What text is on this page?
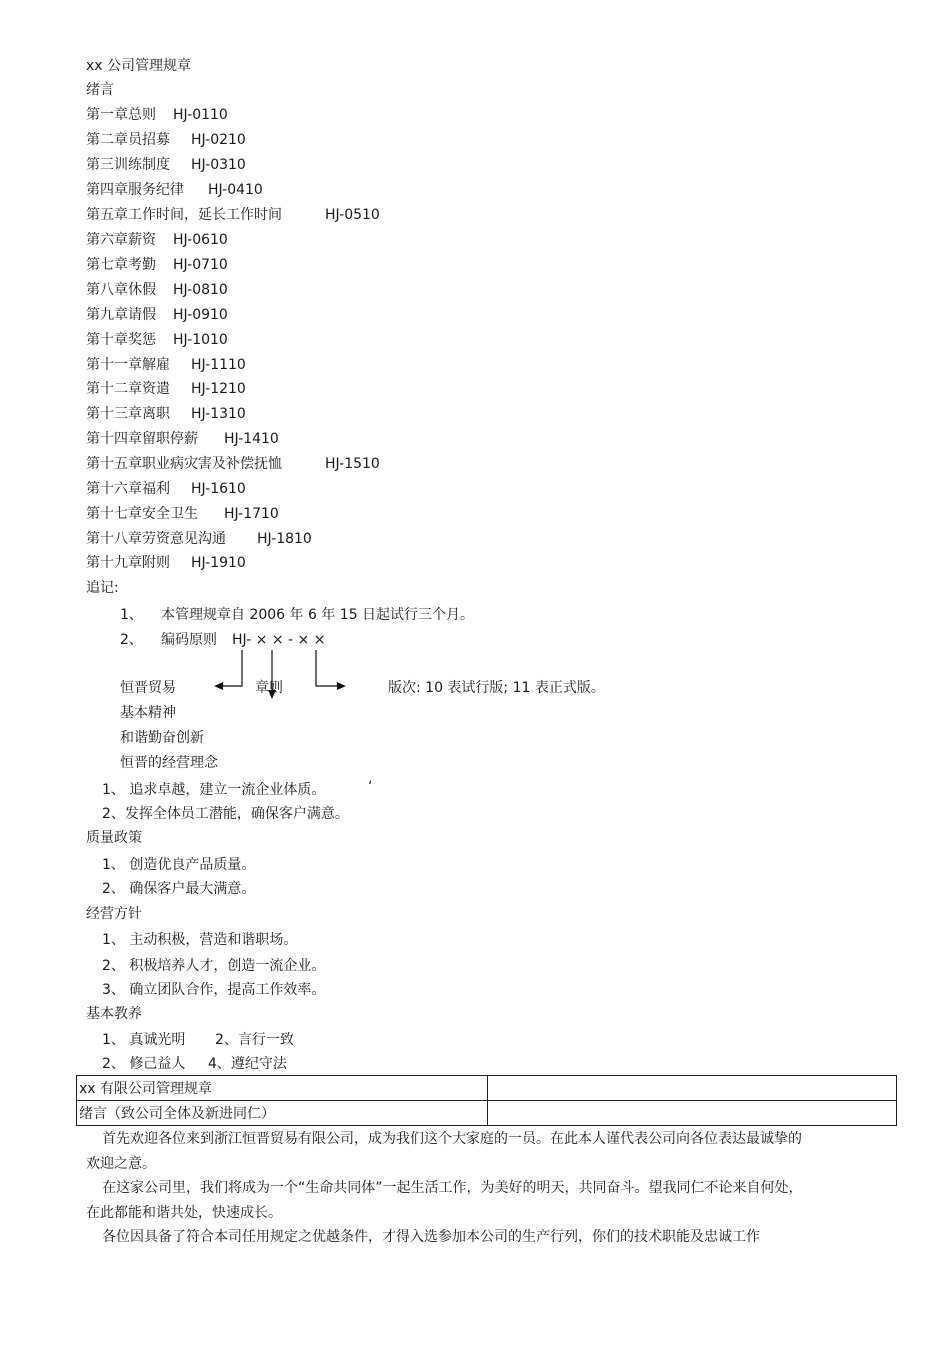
xx 公司管理规章
绪言
第一章总则 HJ-0110
第二章员招募 HJ-0210
第三训练制度 HJ-0310
第四章服务纪律 HJ-0410
第五章工作时间，延长工作时间	HJ-0510
第六章薪资 HJ-0610
第七章考勤 HJ-0710
第八章休假 HJ-0810
第九章请假 HJ-0910
第十章奖惩 HJ-1010
第十一章解雇 HJ-1110
第十二章资遣 HJ-1210
第十三章离职 HJ-1310
第十四章留职停薪 HJ-1410
第十五章职业病灾害及补偿抚恤	HJ-1510
第十六章福利 HJ-1610
第十七章安全卫生 HJ-1710
第十八章劳资意见沟通 HJ-1810
第十九章附则 HJ-1910
追记:
1、 本管理规章自 2006 年 6 年 15 日起试行三个月。
2、 编码原则 HJ- × × - × ×
恒晋贸易	章则	版次: 10 表试行版; 11 表正式版。
基本精神
和谐勤奋创新
恒晋的经营理念
1、 追求卓越，建立一流企业体质。	‘
2、发挥全体员工潜能，确保客户满意。
质量政策
1、 创造优良产品质量。
2、 确保客户最大满意。
经营方针
1、 主动积极，营造和谐职场。
2、 积极培养人才，创造一流企业。
3、 确立团队合作，提高工作效率。
基本教养
1、 真诚光明 2、言行一致
2、 修己益人 4、遵纪守法
xx 有限公司管理规章	
绪言（致公司全体及新进同仁）	
首先欢迎各位来到浙江恒晋贸易有限公司，成为我们这个大家庭的一员。在此本人谨代表公司向各位表达最诚挚的欢迎之意。
在这家公司里，我们将成为一个“生命共同体”一起生活工作，为美好的明天，共同奋斗。望我同仁不论来自何处，在此都能和谐共处，快速成长。
各位因具备了符合本司任用规定之优越条件，才得入选参加本公司的生产行列，你们的技术职能及忠诚工作
